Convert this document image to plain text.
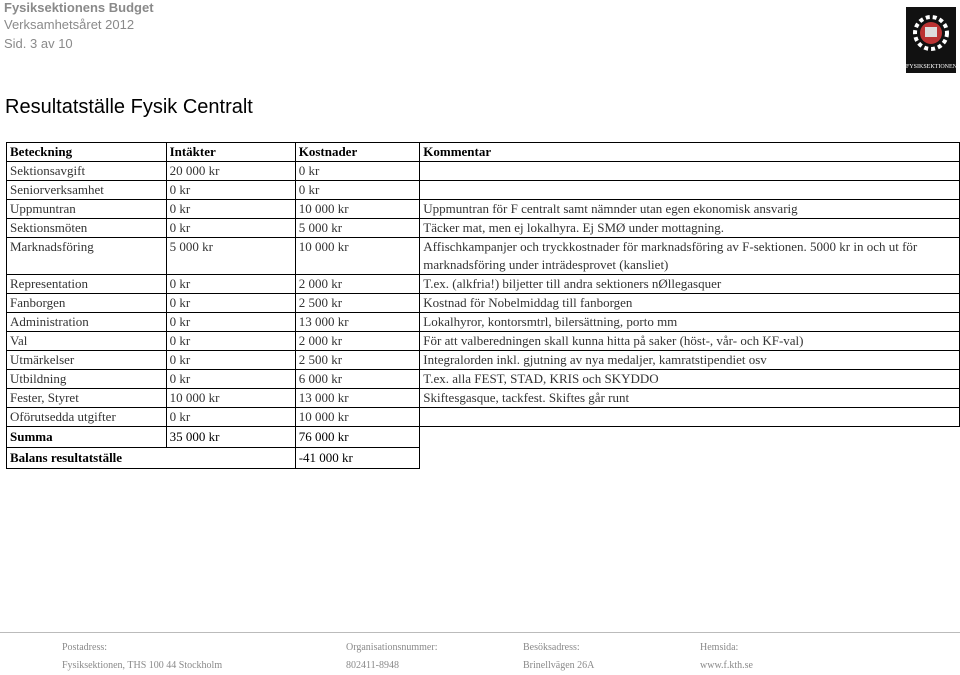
Fysiksektionens Budget
Verksamhetsåret 2012
Sid. 3 av 10
FYSIKSEKTIONEN
Resultatställe Fysik Centralt
Beteckning	Intäkter	Kostnader	Kommentar
Sektionsavgift	20 000 kr	0 kr	
Seniorverksamhet	0 kr	0 kr	
Uppmuntran	0 kr	10 000 kr	Uppmuntran för F centralt samt nämnder utan egen ekonomisk ansvarig
Sektionsmöten	0 kr	5 000 kr	Täcker mat, men ej lokalhyra. Ej SMØ under mottagning.
Marknadsföring	5 000 kr	10 000 kr	Affischkampanjer och tryckkostnader för marknadsföring av F-sektionen. 5000 kr in och ut för marknadsföring under inträdesprovet (kansliet)
Representation	0 kr	2 000 kr	T.ex. (alkfria!) biljetter till andra sektioners nØllegasquer
Fanborgen	0 kr	2 500 kr	Kostnad för Nobelmiddag till fanborgen
Administration	0 kr	13 000 kr	Lokalhyror, kontorsmtrl, bilersättning, porto mm
Val	0 kr	2 000 kr	För att valberedningen skall kunna hitta på saker (höst-, vår- och KF-val)
Utmärkelser	0 kr	2 500 kr	Integralorden inkl. gjutning av nya medaljer, kamratstipendiet osv
Utbildning	0 kr	6 000 kr	T.ex. alla FEST, STAD, KRIS och SKYDDO
Fester, Styret	10 000 kr	13 000 kr	Skiftesgasque, tackfest. Skiftes går runt
Oförutsedda utgifter	0 kr	10 000 kr	
Summa	35 000 kr	76 000 kr	
Balans resultatställe		-41 000 kr	
Postadress:
Fysiksektionen, THS 100 44 Stockholm
Organisationsnummer:
802411-8948
Besöksadress:
Brinellvägen 26A
Hemsida:
www.f.kth.se
